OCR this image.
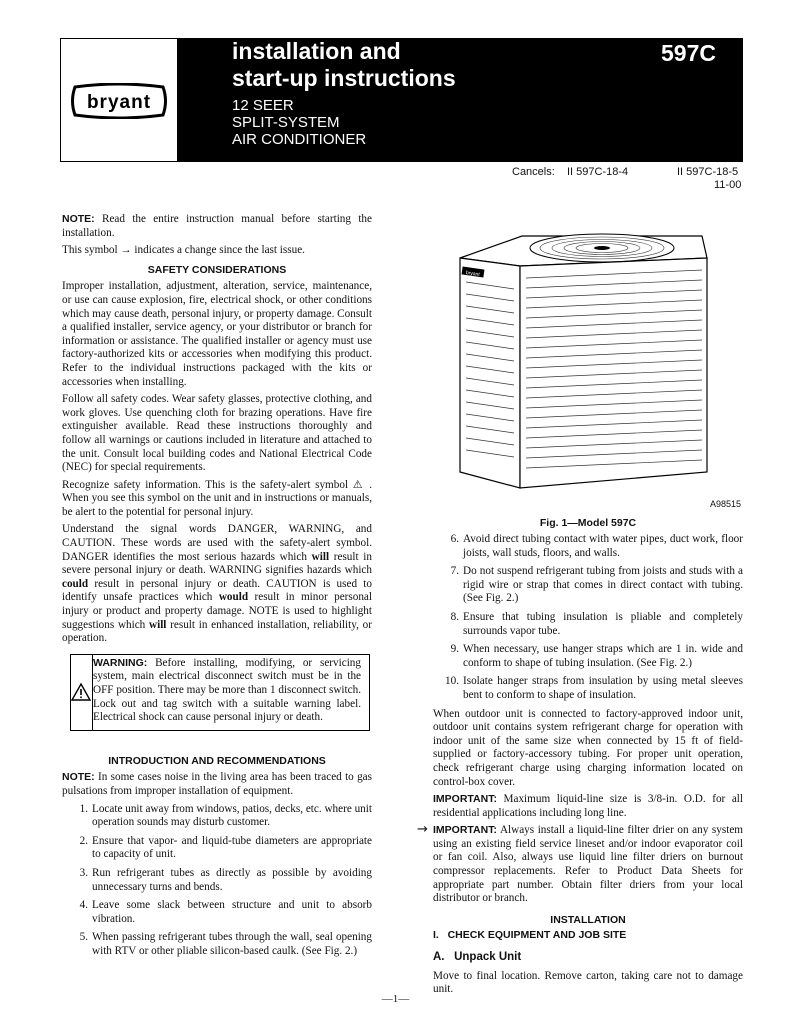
bryant
installation and
start-up instructions
597C
12 SEER
SPLIT-SYSTEM
AIR CONDITIONER
Cancels: II 597C-18-4	II 597C-18-5
11-00

NOTE: Read the entire instruction manual before starting the installation.

This symbol → indicates a change since the last issue.

SAFETY CONSIDERATIONS

Improper installation, adjustment, alteration, service, maintenance, or use can cause explosion, fire, electrical shock, or other conditions which may cause death, personal injury, or property damage. Consult a qualified installer, service agency, or your distributor or branch for information or assistance. The qualified installer or agency must use factory-authorized kits or accessories when modifying this product. Refer to the individual instructions packaged with the kits or accessories when installing.

Follow all safety codes. Wear safety glasses, protective clothing, and work gloves. Use quenching cloth for brazing operations. Have fire extinguisher available. Read these instructions thoroughly and follow all warnings or cautions included in literature and attached to the unit. Consult local building codes and National Electrical Code (NEC) for special requirements.

Recognize safety information. This is the safety-alert symbol ⚠ . When you see this symbol on the unit and in instructions or manuals, be alert to the potential for personal injury.

Understand the signal words DANGER, WARNING, and CAUTION. These words are used with the safety-alert symbol. DANGER identifies the most serious hazards which will result in severe personal injury or death. WARNING signifies hazards which could result in personal injury or death. CAUTION is used to identify unsafe practices which would result in minor personal injury or product and property damage. NOTE is used to highlight suggestions which will result in enhanced installation, reliability, or operation.

WARNING: Before installing, modifying, or servicing system, main electrical disconnect switch must be in the OFF position. There may be more than 1 disconnect switch. Lock out and tag switch with a suitable warning label. Electrical shock can cause personal injury or death.
INTRODUCTION AND RECOMMENDATIONS

NOTE: In some cases noise in the living area has been traced to gas pulsations from improper installation of equipment.

1. Locate unit away from windows, patios, decks, etc. where unit operation sounds may disturb customer.
2. Ensure that vapor- and liquid-tube diameters are appropriate to capacity of unit.
3. Run refrigerant tubes as directly as possible by avoiding unnecessary turns and bends.
4. Leave some slack between structure and unit to absorb vibration.
5. When passing refrigerant tubes through the wall, seal opening with RTV or other pliable silicon-based caulk. (See Fig. 2.)
bryant
A98515
Fig. 1—Model 597C
6. Avoid direct tubing contact with water pipes, duct work, floor joists, wall studs, floors, and walls.
7. Do not suspend refrigerant tubing from joists and studs with a rigid wire or strap that comes in direct contact with tubing. (See Fig. 2.)
8. Ensure that tubing insulation is pliable and completely surrounds vapor tube.
9. When necessary, use hanger straps which are 1 in. wide and conform to shape of tubing insulation. (See Fig. 2.)
10. Isolate hanger straps from insulation by using metal sleeves bent to conform to shape of insulation.

When outdoor unit is connected to factory-approved indoor unit, outdoor unit contains system refrigerant charge for operation with indoor unit of the same size when connected by 15 ft of field-supplied or factory-accessory tubing. For proper unit operation, check refrigerant charge using charging information located on control-box cover.

IMPORTANT: Maximum liquid-line size is 3/8-in. O.D. for all residential applications including long line.

→ IMPORTANT: Always install a liquid-line filter drier on any system using an existing field service lineset and/or indoor evaporator coil or fan coil. Also, always use liquid line filter driers on burnout compressor replacements. Refer to Product Data Sheets for appropriate part number. Obtain filter driers from your local distributor or branch.

INSTALLATION
I.   CHECK EQUIPMENT AND JOB SITE
A.   Unpack Unit

Move to final location. Remove carton, taking care not to damage unit.

—1—
